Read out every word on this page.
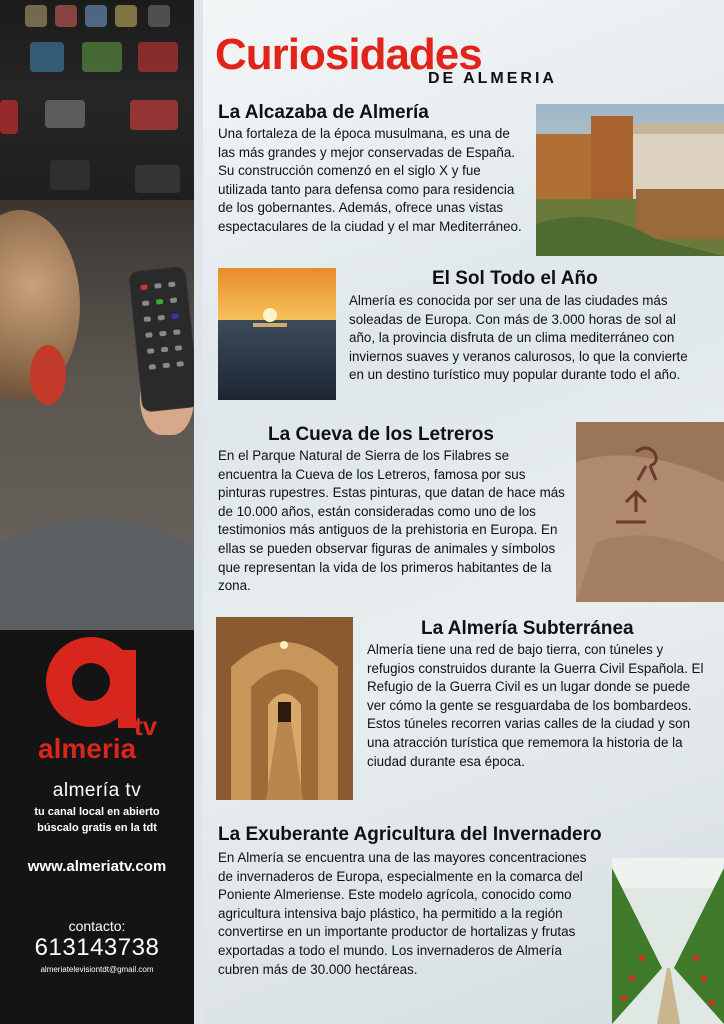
tv
almeria
almería tv
tu canal local en abierto
búscalo gratis en la tdt
www.almeriatv.com
contacto:
613143738
almeriatelevisiontdt@gmail.com
Curiosidades
DE ALMERIA
La Alcazaba de Almería
Una fortaleza de la época musulmana, es una de las más grandes y mejor conservadas de España. Su construcción comenzó en el siglo X y fue utilizada tanto para defensa como para residencia de los gobernantes. Además, ofrece unas vistas espectaculares de la ciudad y el mar Mediterráneo.
El Sol Todo el Año
Almería es conocida por ser una de las ciudades más soleadas de Europa. Con más de 3.000 horas de sol al año, la provincia disfruta de un clima mediterráneo con inviernos suaves y veranos calurosos, lo que la convierte en un destino turístico muy popular durante todo el año.
La Cueva de los Letreros
En el Parque Natural de Sierra de los Filabres se encuentra la Cueva de los Letreros, famosa por sus pinturas rupestres. Estas pinturas, que datan de hace más de 10.000 años, están consideradas como uno de los testimonios más antiguos de la prehistoria en Europa. En ellas se pueden observar figuras de animales y símbolos que representan la vida de los primeros habitantes de la zona.
La Almería Subterránea
Almería tiene una red de bajo tierra, con túneles y refugios construidos durante la Guerra Civil Española. El Refugio de la Guerra Civil es un lugar donde se puede ver cómo la gente se resguardaba de los bombardeos. Estos túneles recorren varias calles de la ciudad y son una atracción turística que rememora la historia de la ciudad durante esa época.
La Exuberante Agricultura del Invernadero
En Almería se encuentra una de las mayores concentraciones de invernaderos de Europa, especialmente en la comarca del Poniente Almeriense. Este modelo agrícola, conocido como agricultura intensiva bajo plástico, ha permitido a la región convertirse en un importante productor de hortalizas y frutas exportadas a todo el mundo. Los invernaderos de Almería cubren más de 30.000 hectáreas.
